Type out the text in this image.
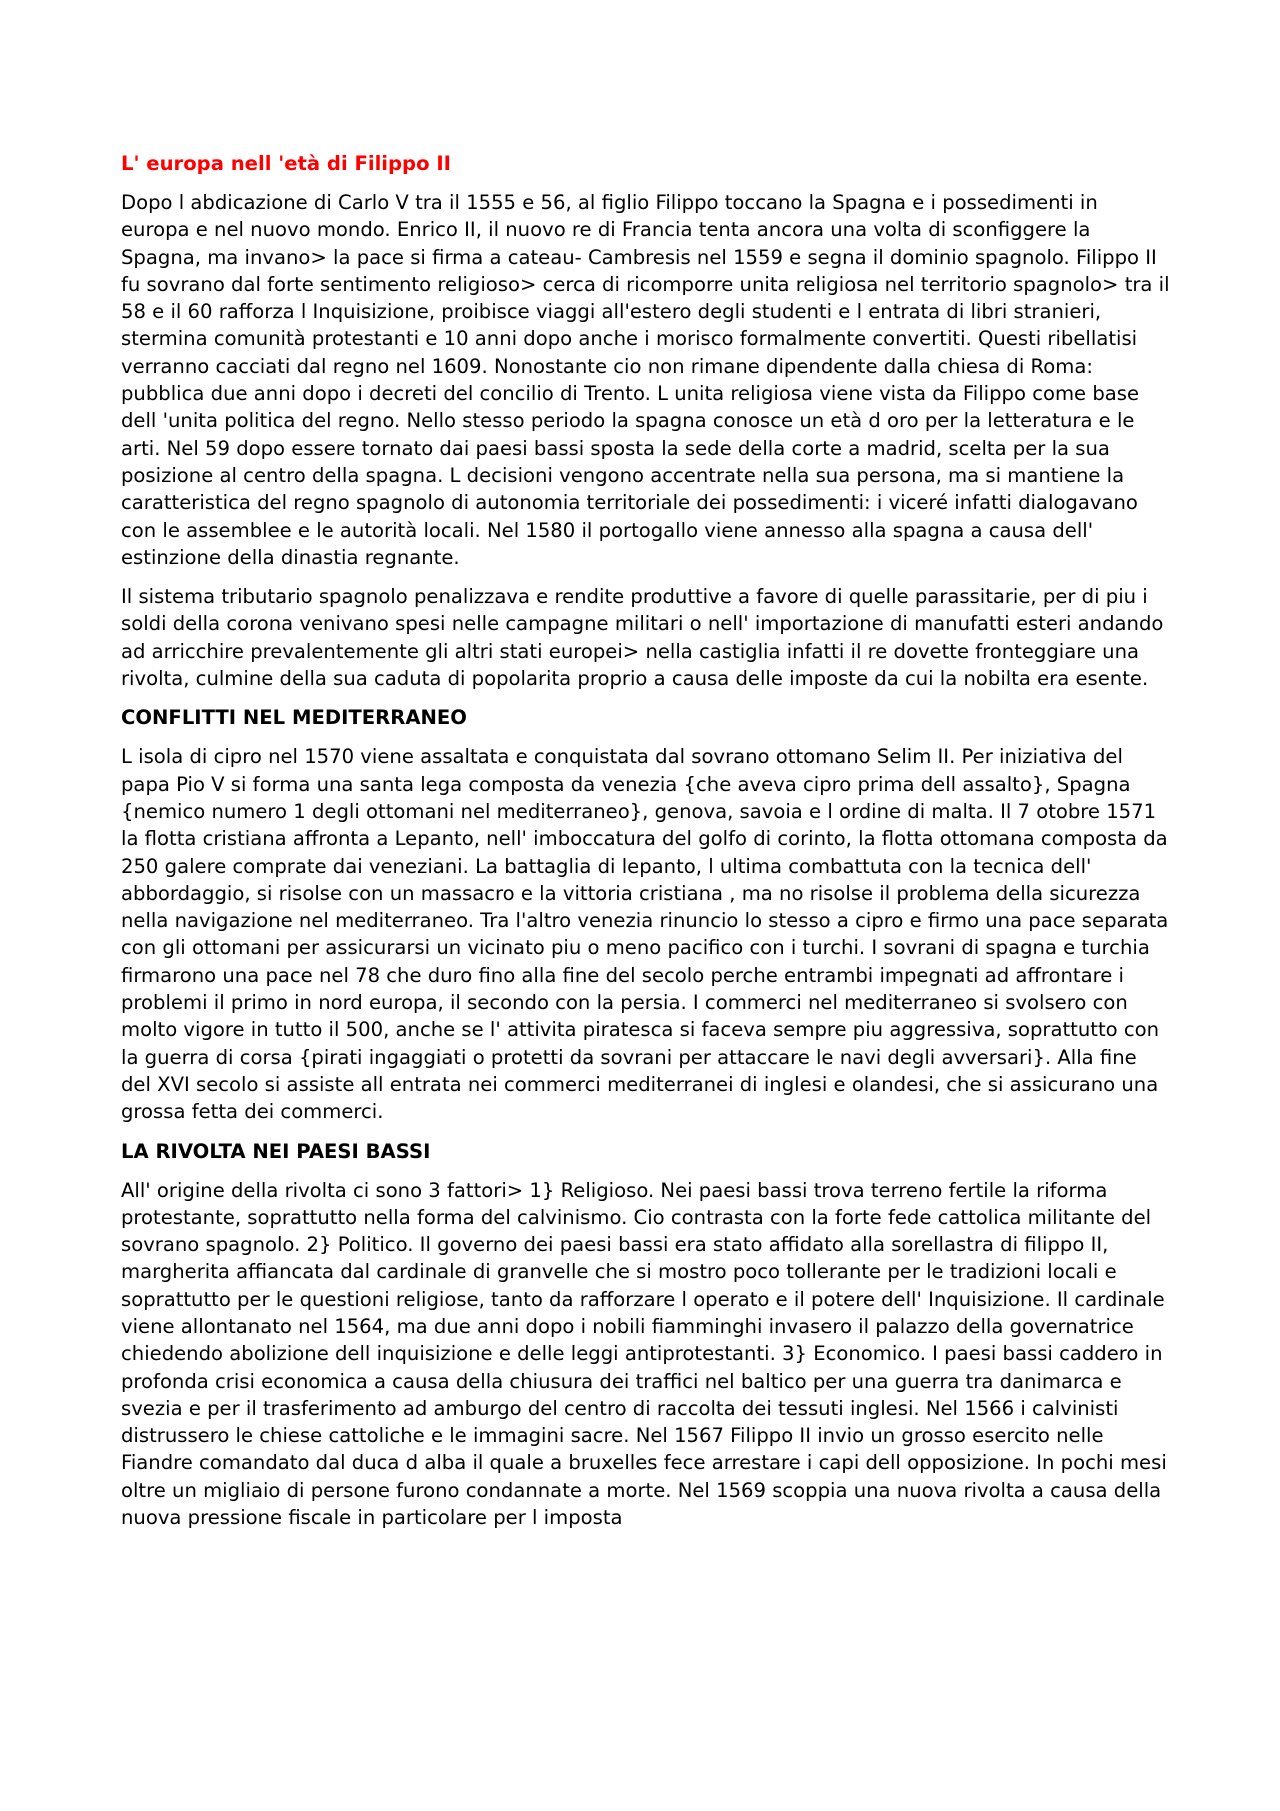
L' europa nell 'età di Filippo II

Dopo l abdicazione di Carlo V tra il 1555 e 56, al figlio Filippo toccano la Spagna e i possedimenti in europa e nel nuovo mondo. Enrico II, il nuovo re di Francia tenta ancora una volta di sconfiggere la Spagna, ma invano> la pace si firma a cateau- Cambresis nel 1559 e segna il dominio spagnolo. Filippo II fu sovrano dal forte sentimento religioso> cerca di ricomporre unita religiosa nel territorio spagnolo> tra il 58 e il 60 rafforza l Inquisizione, proibisce viaggi all'estero degli studenti e l entrata di libri stranieri, stermina comunità protestanti e 10 anni dopo anche i morisco formalmente convertiti. Questi ribellatisi verranno cacciati dal regno nel 1609. Nonostante cio non rimane dipendente dalla chiesa di Roma: pubblica due anni dopo i decreti del concilio di Trento. L unita religiosa viene vista da Filippo come base dell 'unita politica del regno. Nello stesso periodo la spagna conosce un età d oro per la letteratura e le arti. Nel 59 dopo essere tornato dai paesi bassi sposta la sede della corte a madrid, scelta per la sua posizione al centro della spagna. L decisioni vengono accentrate nella sua persona, ma si mantiene la caratteristica del regno spagnolo di autonomia territoriale dei possedimenti: i viceré infatti dialogavano con le assemblee e le autorità locali. Nel 1580 il portogallo viene annesso alla spagna a causa dell' estinzione della dinastia regnante.

Il sistema tributario spagnolo penalizzava e rendite produttive a favore di quelle parassitarie, per di piu i soldi della corona venivano spesi nelle campagne militari o nell' importazione di manufatti esteri andando ad arricchire prevalentemente gli altri stati europei> nella castiglia infatti il re dovette fronteggiare una rivolta, culmine della sua caduta di popolarita proprio a causa delle imposte da cui la nobilta era esente.

CONFLITTI NEL MEDITERRANEO

L isola di cipro nel 1570 viene assaltata e conquistata dal sovrano ottomano Selim II. Per iniziativa del papa Pio V si forma una santa lega composta da venezia {che aveva cipro prima dell assalto}, Spagna {nemico numero 1 degli ottomani nel mediterraneo}, genova, savoia e l ordine di malta. Il 7 otobre 1571 la flotta cristiana affronta a Lepanto, nell' imboccatura del golfo di corinto, la flotta ottomana composta da 250 galere comprate dai veneziani. La battaglia di lepanto, l ultima combattuta con la tecnica dell' abbordaggio, si risolse con un massacro e la vittoria cristiana , ma no risolse il problema della sicurezza nella navigazione nel mediterraneo. Tra l'altro venezia rinuncio lo stesso a cipro e firmo una pace separata con gli ottomani per assicurarsi un vicinato piu o meno pacifico con i turchi. I sovrani di spagna e turchia firmarono una pace nel 78 che duro fino alla fine del secolo perche entrambi impegnati ad affrontare i problemi il primo in nord europa, il secondo con la persia. I commerci nel mediterraneo si svolsero con molto vigore in tutto il 500, anche se l' attivita piratesca si faceva sempre piu aggressiva, soprattutto con la guerra di corsa {pirati ingaggiati o protetti da sovrani per attaccare le navi degli avversari}. Alla fine del XVI secolo si assiste all entrata nei commerci mediterranei di inglesi e olandesi, che si assicurano una grossa fetta dei commerci.

LA RIVOLTA NEI PAESI BASSI

All' origine della rivolta ci sono 3 fattori> 1} Religioso. Nei paesi bassi trova terreno fertile la riforma protestante, soprattutto nella forma del calvinismo. Cio contrasta con la forte fede cattolica militante del sovrano spagnolo. 2} Politico. Il governo dei paesi bassi era stato affidato alla sorellastra di filippo II, margherita affiancata dal cardinale di granvelle che si mostro poco tollerante per le tradizioni locali e soprattutto per le questioni religiose, tanto da rafforzare l operato e il potere dell' Inquisizione. Il cardinale viene allontanato nel 1564, ma due anni dopo i nobili fiamminghi invasero il palazzo della governatrice chiedendo abolizione dell inquisizione e delle leggi antiprotestanti. 3} Economico. I paesi bassi caddero in profonda crisi economica a causa della chiusura dei traffici nel baltico per una guerra tra danimarca e svezia e per il trasferimento ad amburgo del centro di raccolta dei tessuti inglesi. Nel 1566 i calvinisti distrussero le chiese cattoliche e le immagini sacre. Nel 1567 Filippo II invio un grosso esercito nelle Fiandre comandato dal duca d alba il quale a bruxelles fece arrestare i capi dell opposizione. In pochi mesi oltre un migliaio di persone furono condannate a morte. Nel 1569 scoppia una nuova rivolta a causa della nuova pressione fiscale in particolare per l imposta
